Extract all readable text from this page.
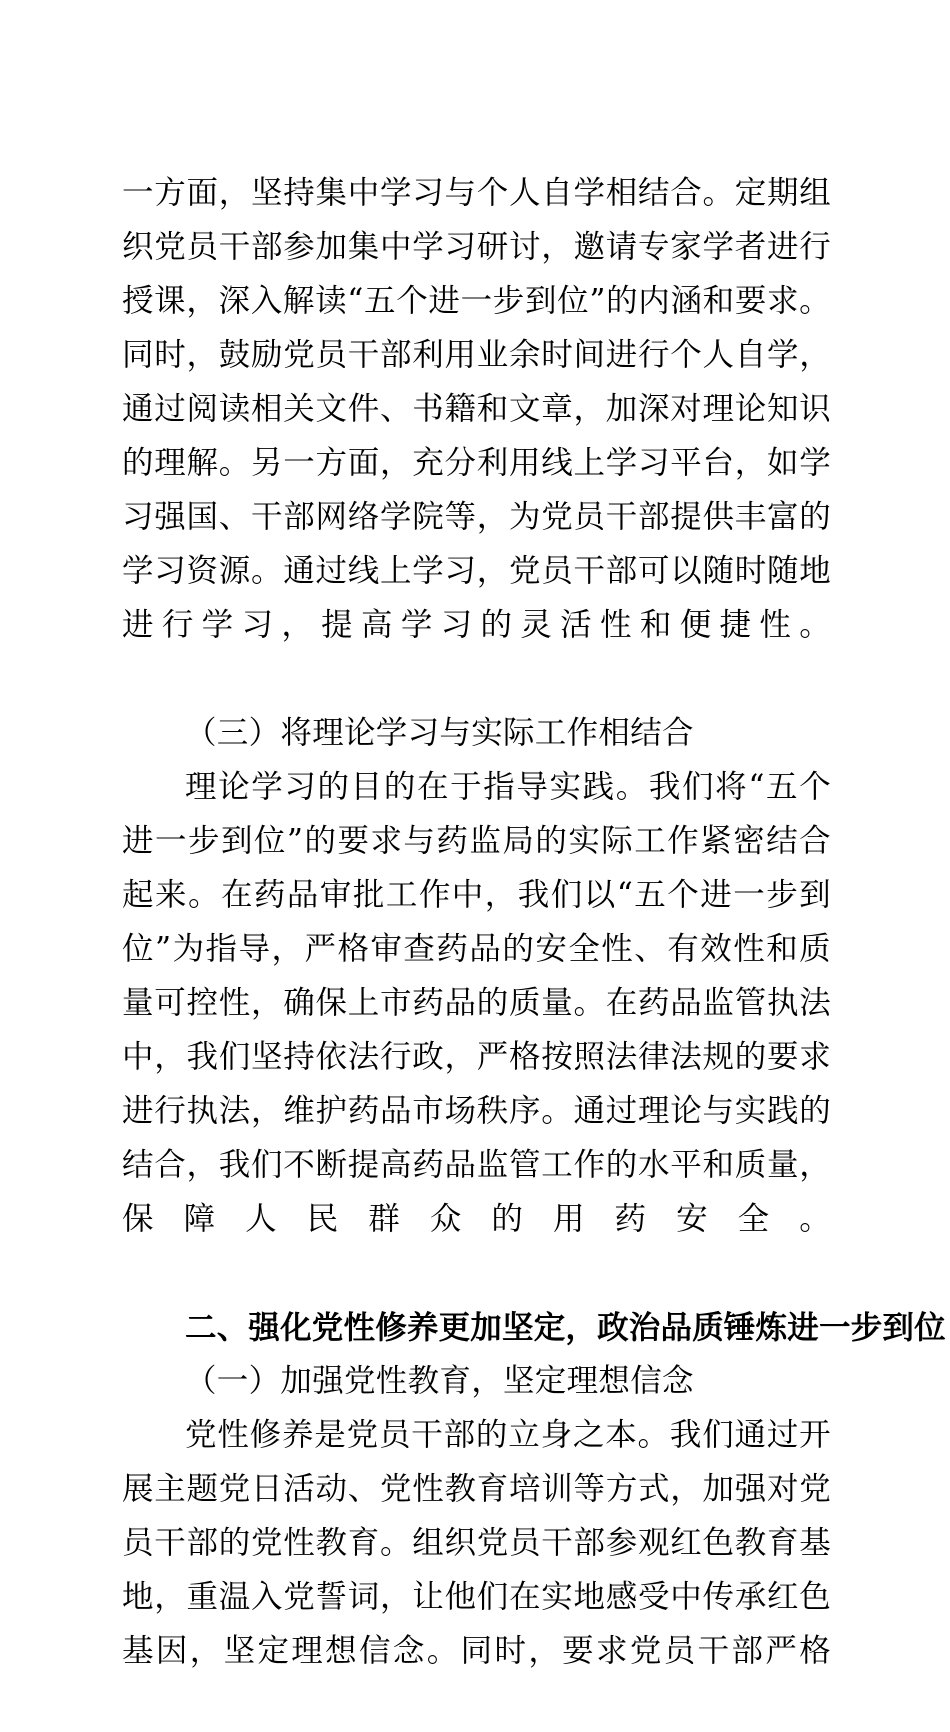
一方面，坚持集中学习与个人自学相结合。定期组织党员干部参加集中学习研讨，邀请专家学者进行授课，深入解读“五个进一步到位”的内涵和要求。同时，鼓励党员干部利用业余时间进行个人自学，通过阅读相关文件、书籍和文章，加深对理论知识的理解。另一方面，充分利用线上学习平台，如学习强国、干部网络学院等，为党员干部提供丰富的学习资源。通过线上学习，党员干部可以随时随地进行学习，提高学习的灵活性和便捷性。

（三）将理论学习与实际工作相结合

理论学习的目的在于指导实践。我们将“五个进一步到位”的要求与药监局的实际工作紧密结合起来。在药品审批工作中，我们以“五个进一步到位”为指导，严格审查药品的安全性、有效性和质量可控性，确保上市药品的质量。在药品监管执法中，我们坚持依法行政，严格按照法律法规的要求进行执法，维护药品市场秩序。通过理论与实践的结合，我们不断提高药品监管工作的水平和质量，保障人民群众的用药安全。

二、强化党性修养更加坚定，政治品质锤炼进一步到位

（一）加强党性教育，坚定理想信念

党性修养是党员干部的立身之本。我们通过开展主题党日活动、党性教育培训等方式，加强对党员干部的党性教育。组织党员干部参观红色教育基地，重温入党誓词，让他们在实地感受中传承红色基因，坚定理想信念。同时，要求党员干部严格
